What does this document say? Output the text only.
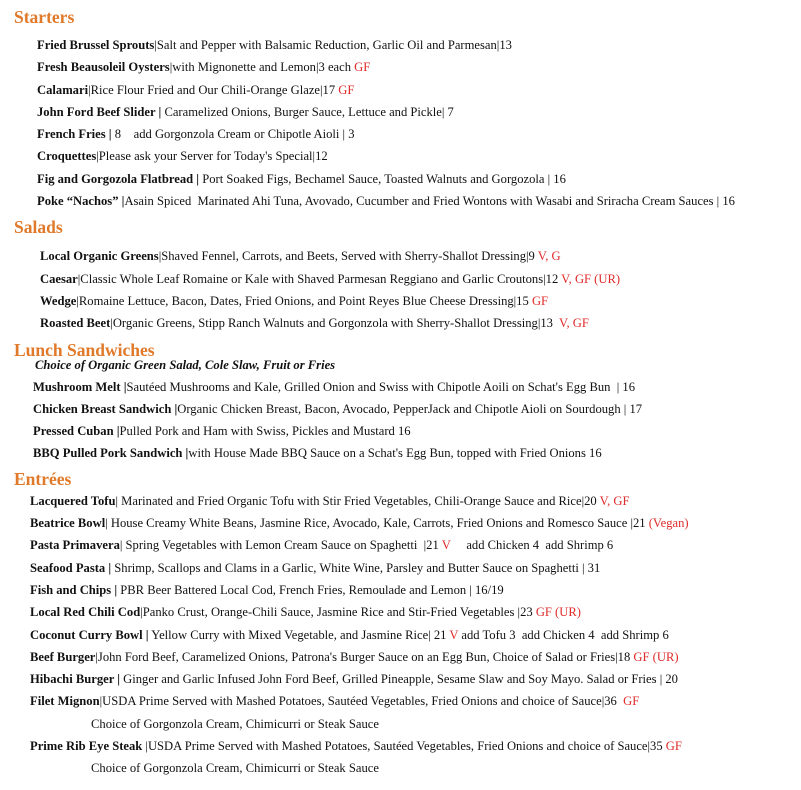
Starters
Fried Brussel Sprouts|Salt and Pepper with Balsamic Reduction, Garlic Oil and Parmesan|13
Fresh Beausoleil Oysters|with Mignonette and Lemon|3 each GF
Calamari|Rice Flour Fried and Our Chili-Orange Glaze|17 GF
John Ford Beef Slider | Caramelized Onions, Burger Sauce, Lettuce and Pickle| 7
French Fries | 8    add Gorgonzola Cream or Chipotle Aioli | 3
Croquettes|Please ask your Server for Today's Special|12
Fig and Gorgozola Flatbread | Port Soaked Figs, Bechamel Sauce, Toasted Walnuts and Gorgozola | 16
Poke “Nachos” |Asain Spiced  Marinated Ahi Tuna, Avovado, Cucumber and Fried Wontons with Wasabi and Sriracha Cream Sauces | 16
Salads
Local Organic Greens|Shaved Fennel, Carrots, and Beets, Served with Sherry-Shallot Dressing|9 V, G
Caesar|Classic Whole Leaf Romaine or Kale with Shaved Parmesan Reggiano and Garlic Croutons|12 V, GF (UR)
Wedge|Romaine Lettuce, Bacon, Dates, Fried Onions, and Point Reyes Blue Cheese Dressing|15 GF
Roasted Beet|Organic Greens, Stipp Ranch Walnuts and Gorgonzola with Sherry-Shallot Dressing|13  V, GF
Lunch Sandwiches
Choice of Organic Green Salad, Cole Slaw, Fruit or Fries
Mushroom Melt |Sautéed Mushrooms and Kale, Grilled Onion and Swiss with Chipotle Aoili on Schat's Egg Bun  | 16
Chicken Breast Sandwich |Organic Chicken Breast, Bacon, Avocado, PepperJack and Chipotle Aioli on Sourdough | 17
Pressed Cuban |Pulled Pork and Ham with Swiss, Pickles and Mustard 16
BBQ Pulled Pork Sandwich |with House Made BBQ Sauce on a Schat's Egg Bun, topped with Fried Onions 16
Entrées
Lacquered Tofu| Marinated and Fried Organic Tofu with Stir Fried Vegetables, Chili-Orange Sauce and Rice|20 V, GF
Beatrice Bowl| House Creamy White Beans, Jasmine Rice, Avocado, Kale, Carrots, Fried Onions and Romesco Sauce |21 (Vegan)
Pasta Primavera| Spring Vegetables with Lemon Cream Sauce on Spaghetti  |21 V     add Chicken 4  add Shrimp 6
Seafood Pasta | Shrimp, Scallops and Clams in a Garlic, White Wine, Parsley and Butter Sauce on Spaghetti | 31
Fish and Chips | PBR Beer Battered Local Cod, French Fries, Remoulade and Lemon | 16/19
Local Red Chili Cod|Panko Crust, Orange-Chili Sauce, Jasmine Rice and Stir-Fried Vegetables |23 GF (UR)
Coconut Curry Bowl | Yellow Curry with Mixed Vegetable, and Jasmine Rice| 21 V add Tofu 3  add Chicken 4  add Shrimp 6
Beef Burger|John Ford Beef, Caramelized Onions, Patrona's Burger Sauce on an Egg Bun, Choice of Salad or Fries|18 GF (UR)
Hibachi Burger | Ginger and Garlic Infused John Ford Beef, Grilled Pineapple, Sesame Slaw and Soy Mayo. Salad or Fries | 20
Filet Mignon|USDA Prime Served with Mashed Potatoes, Sautéed Vegetables, Fried Onions and choice of Sauce|36  GF
Choice of Gorgonzola Cream, Chimicurri or Steak Sauce
Prime Rib Eye Steak |USDA Prime Served with Mashed Potatoes, Sautéed Vegetables, Fried Onions and choice of Sauce|35 GF
Choice of Gorgonzola Cream, Chimicurri or Steak Sauce
